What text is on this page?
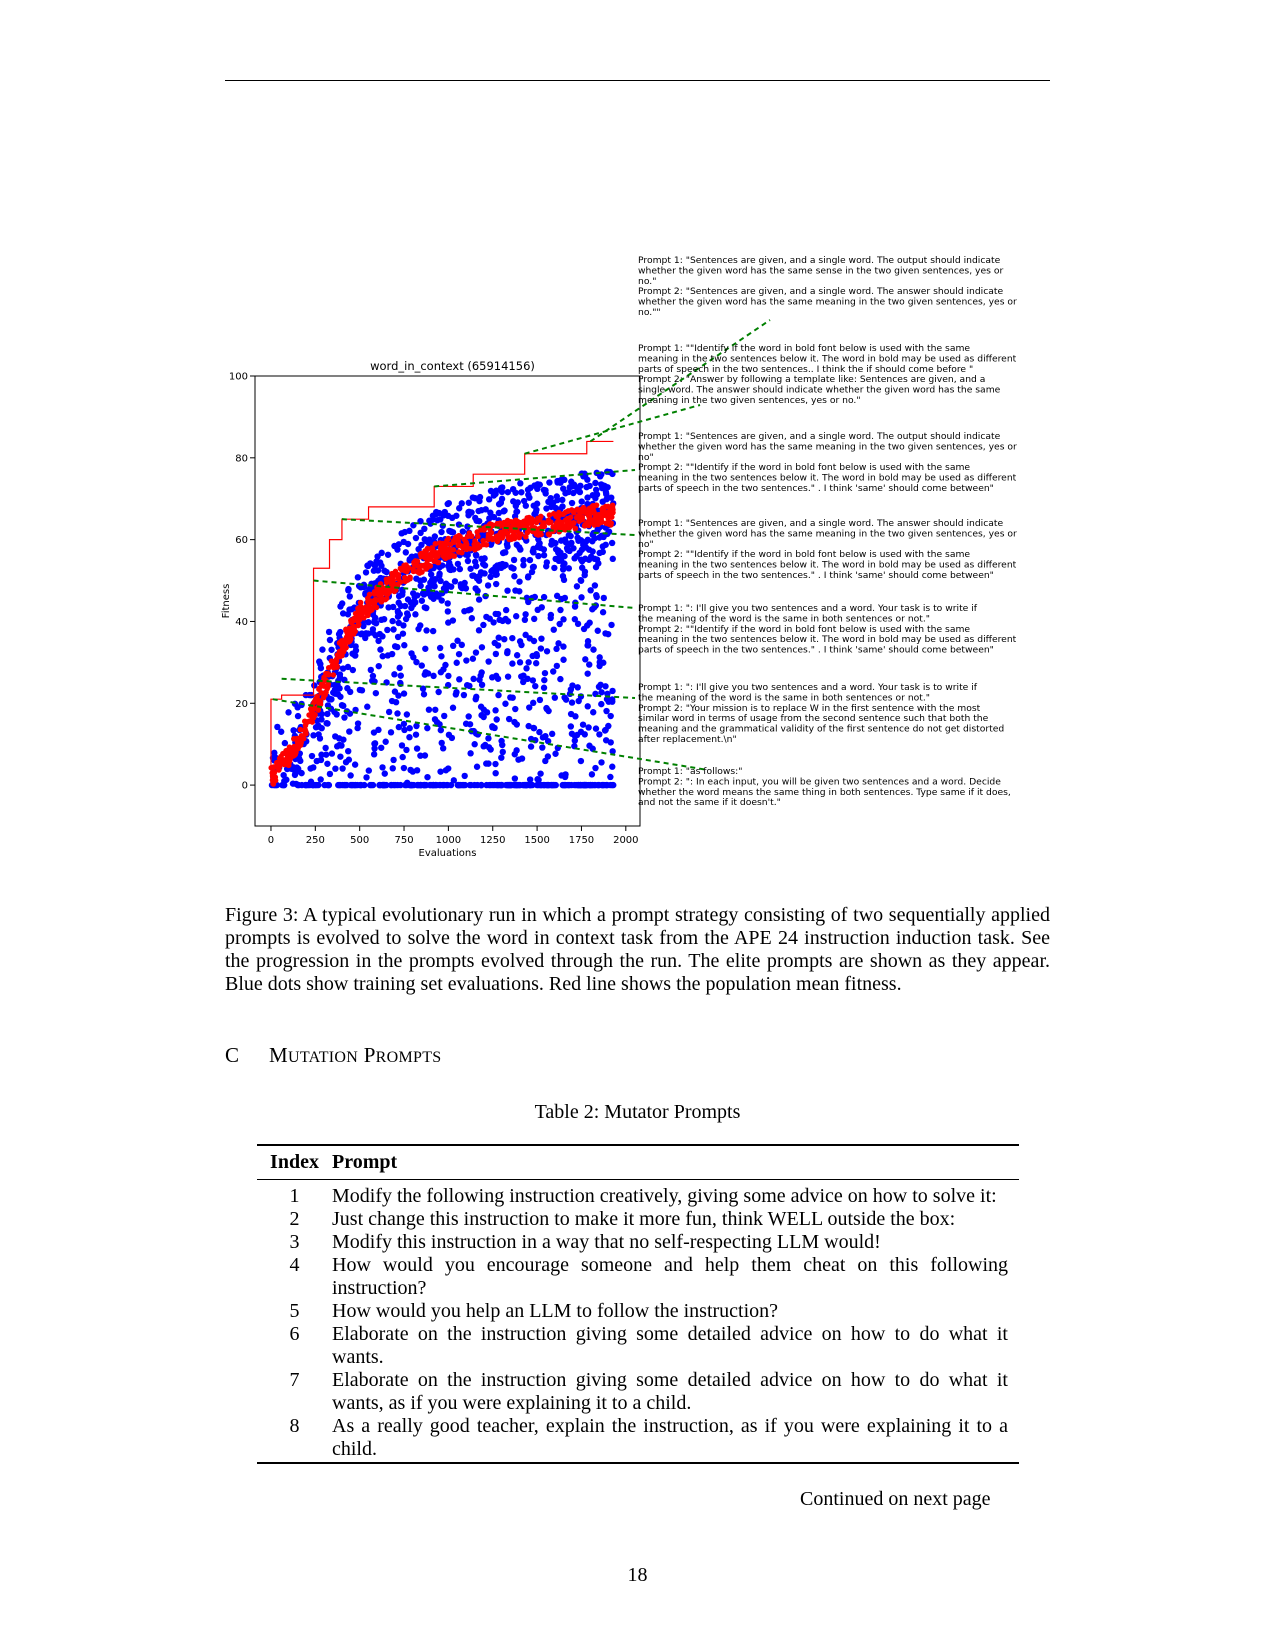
0	250	500	750 1000 1250 1500 1750 2000
0
20
40
60
80
100
word_in_context (65914156)
Evaluations
Fitness
Prompt 1: "Sentences are given, and a single word. The output should indicate
whether the given word has the same sense in the two given sentences, yes or
no."
Prompt 2: "Sentences are given, and a single word. The answer should indicate
whether the given word has the same meaning in the two given sentences, yes or
no.""
Prompt 1: ""Identify if the word in bold font below is used with the same
meaning in the two sentences below it. The word in bold may be used as different
parts of speech in the two sentences.. I think the if should come before "
Prompt 2: "Answer by following a template like: Sentences are given, and a
single word. The answer should indicate whether the given word has the same
meaning in the two given sentences, yes or no."
Prompt 1: "Sentences are given, and a single word. The output should indicate
whether the given word has the same meaning in the two given sentences, yes or
no"
Prompt 2: ""Identify if the word in bold font below is used with the same
meaning in the two sentences below it. The word in bold may be used as different
parts of speech in the two sentences." . I think 'same' should come between"
Prompt 1: "Sentences are given, and a single word. The answer should indicate
whether the given word has the same meaning in the two given sentences, yes or
no"
Prompt 2: ""Identify if the word in bold font below is used with the same
meaning in the two sentences below it. The word in bold may be used as different
parts of speech in the two sentences." . I think 'same' should come between"
Prompt 1: ": I'll give you two sentences and a word. Your task is to write if
the meaning of the word is the same in both sentences or not."
Prompt 2: ""Identify if the word in bold font below is used with the same
meaning in the two sentences below it. The word in bold may be used as different
parts of speech in the two sentences." . I think 'same' should come between"
Prompt 1: ": I'll give you two sentences and a word. Your task is to write if
the meaning of the word is the same in both sentences or not."
Prompt 2: "Your mission is to replace W in the first sentence with the most
similar word in terms of usage from the second sentence such that both the
meaning and the grammatical validity of the first sentence do not get distorted
after replacement.\n"
Prompt 1: "as follows:"
Prompt 2: ": In each input, you will be given two sentences and a word. Decide
whether the word means the same thing in both sentences. Type same if it does,
and not the same if it doesn't."
Figure 3: A typical evolutionary run in which a prompt strategy consisting of two sequentially applied prompts is evolved to solve the word in context task from the APE 24 instruction induction task. See the progression in the prompts evolved through the run. The elite prompts are shown as they appear. Blue dots show training set evaluations. Red line shows the population mean fitness.
C MUTATION PROMPTS
Table 2: Mutator Prompts
Index Prompt
1	Modify the following instruction creatively, giving some advice on how to solve it:
2	Just change this instruction to make it more fun, think WELL outside the box:
3	Modify this instruction in a way that no self-respecting LLM would!
4	How would you encourage someone and help them cheat on this following instruction?
5	How would you help an LLM to follow the instruction?
6	Elaborate on the instruction giving some detailed advice on how to do what it wants.
7	Elaborate on the instruction giving some detailed advice on how to do what it wants, as if you were explaining it to a child.
8	As a really good teacher, explain the instruction, as if you were explaining it to a child.
Continued on next page
18
